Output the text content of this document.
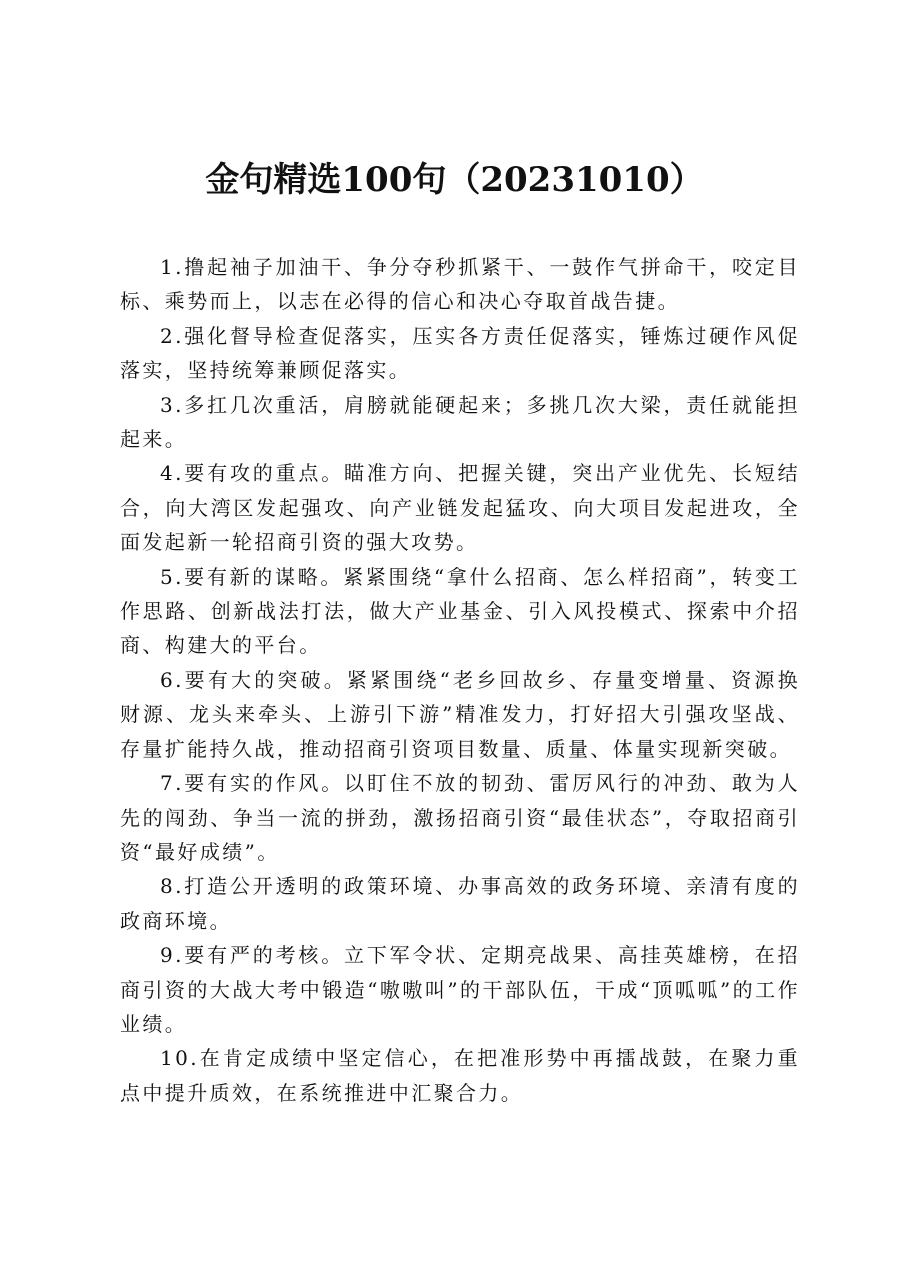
金句精选100句（20231010）

1.撸起袖子加油干、争分夺秒抓紧干、一鼓作气拼命干，咬定目标、乘势而上，以志在必得的信心和决心夺取首战告捷。

2.强化督导检查促落实，压实各方责任促落实，锤炼过硬作风促落实，坚持统筹兼顾促落实。

3.多扛几次重活，肩膀就能硬起来；多挑几次大梁，责任就能担起来。

4.要有攻的重点。瞄准方向、把握关键，突出产业优先、长短结合，向大湾区发起强攻、向产业链发起猛攻、向大项目发起进攻，全面发起新一轮招商引资的强大攻势。

5.要有新的谋略。紧紧围绕“拿什么招商、怎么样招商”，转变工作思路、创新战法打法，做大产业基金、引入风投模式、探索中介招商、构建大的平台。

6.要有大的突破。紧紧围绕“老乡回故乡、存量变增量、资源换财源、龙头来牵头、上游引下游”精准发力，打好招大引强攻坚战、存量扩能持久战，推动招商引资项目数量、质量、体量实现新突破。

7.要有实的作风。以盯住不放的韧劲、雷厉风行的冲劲、敢为人先的闯劲、争当一流的拼劲，激扬招商引资“最佳状态”，夺取招商引资“最好成绩”。

8.打造公开透明的政策环境、办事高效的政务环境、亲清有度的政商环境。

9.要有严的考核。立下军令状、定期亮战果、高挂英雄榜，在招商引资的大战大考中锻造“嗷嗷叫”的干部队伍，干成“顶呱呱”的工作业绩。

10.在肯定成绩中坚定信心，在把准形势中再擂战鼓，在聚力重点中提升质效，在系统推进中汇聚合力。
